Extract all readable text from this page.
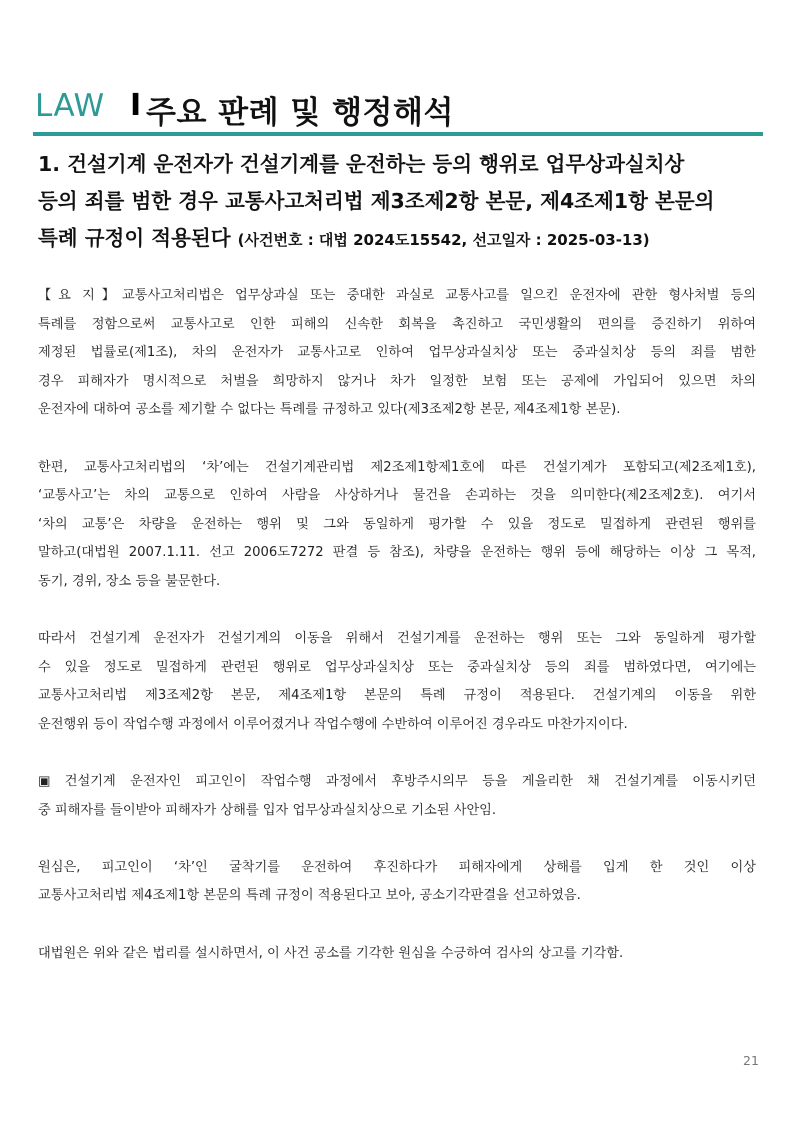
LAW I 주요 판례 및 행정해석
1. 건설기계 운전자가 건설기계를 운전하는 등의 행위로 업무상과실치상
등의 죄를 범한 경우 교통사고처리법 제3조제2항 본문, 제4조제1항 본문의
특례 규정이 적용된다 (사건번호 : 대법 2024도15542, 선고일자 : 2025-03-13)

【요 지】교통사고처리법은 업무상과실 또는 중대한 과실로 교통사고를 일으킨 운전자에 관한 형사처벌 등의
특례를 정함으로써 교통사고로 인한 피해의 신속한 회복을 촉진하고 국민생활의 편의를 증진하기 위하여
제정된 법률로(제1조), 차의 운전자가 교통사고로 인하여 업무상과실치상 또는 중과실치상 등의 죄를 범한
경우 피해자가 명시적으로 처벌을 희망하지 않거나 차가 일정한 보험 또는 공제에 가입되어 있으면 차의
운전자에 대하여 공소를 제기할 수 없다는 특례를 규정하고 있다(제3조제2항 본문, 제4조제1항 본문).

한편, 교통사고처리법의 ‘차’에는 건설기계관리법 제2조제1항제1호에 따른 건설기계가 포함되고(제2조제1호),
‘교통사고’는 차의 교통으로 인하여 사람을 사상하거나 물건을 손괴하는 것을 의미한다(제2조제2호). 여기서
‘차의 교통’은 차량을 운전하는 행위 및 그와 동일하게 평가할 수 있을 정도로 밀접하게 관련된 행위를
말하고(대법원 2007.1.11. 선고 2006도7272 판결 등 참조), 차량을 운전하는 행위 등에 해당하는 이상 그 목적,
동기, 경위, 장소 등을 불문한다.

따라서 건설기계 운전자가 건설기계의 이동을 위해서 건설기계를 운전하는 행위 또는 그와 동일하게 평가할
수 있을 정도로 밀접하게 관련된 행위로 업무상과실치상 또는 중과실치상 등의 죄를 범하였다면, 여기에는
교통사고처리법 제3조제2항 본문, 제4조제1항 본문의 특례 규정이 적용된다. 건설기계의 이동을 위한
운전행위 등이 작업수행 과정에서 이루어졌거나 작업수행에 수반하여 이루어진 경우라도 마찬가지이다.

▣ 건설기계 운전자인 피고인이 작업수행 과정에서 후방주시의무 등을 게을리한 채 건설기계를 이동시키던
중 피해자를 들이받아 피해자가 상해를 입자 업무상과실치상으로 기소된 사안임.

원심은, 피고인이 ‘차’인 굴착기를 운전하여 후진하다가 피해자에게 상해를 입게 한 것인 이상
교통사고처리법 제4조제1항 본문의 특례 규정이 적용된다고 보아, 공소기각판결을 선고하였음.

대법원은 위와 같은 법리를 설시하면서, 이 사건 공소를 기각한 원심을 수긍하여 검사의 상고를 기각함.

21
